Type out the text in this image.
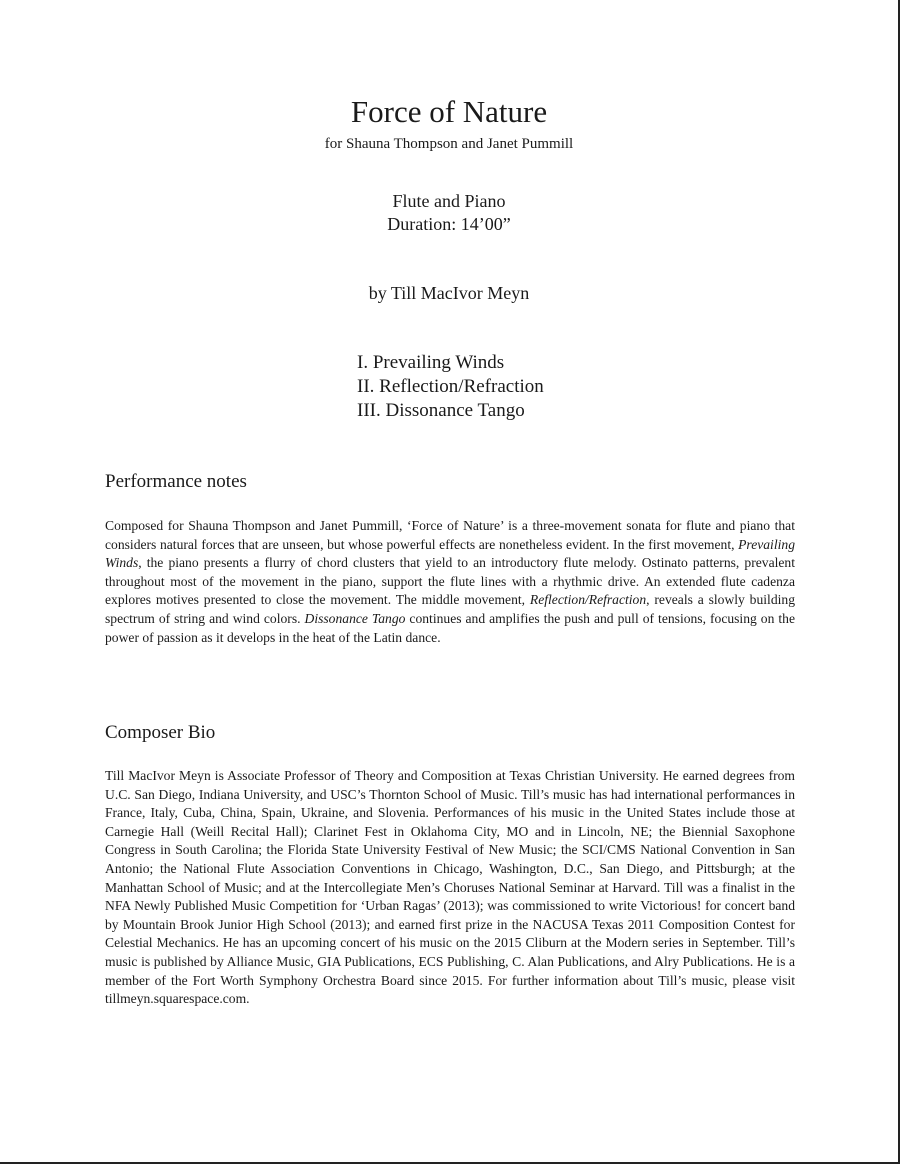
Force of Nature
for Shauna Thompson and Janet Pummill
Flute and Piano
Duration: 14’00”
by Till MacIvor Meyn
I. Prevailing Winds
II. Reflection/Refraction
III. Dissonance Tango
Performance notes

Composed for Shauna Thompson and Janet Pummill, ‘Force of Nature’ is a three-movement sonata for flute and piano that considers natural forces that are unseen, but whose powerful effects are nonetheless evident. In the first movement, Prevailing Winds, the piano presents a flurry of chord clusters that yield to an introductory flute melody. Ostinato patterns, prevalent throughout most of the movement in the piano, support the flute lines with a rhythmic drive. An extended flute cadenza explores motives presented to close the movement. The middle movement, Reflection/Refraction, reveals a slowly building spectrum of string and wind colors. Dissonance Tango continues and amplifies the push and pull of tensions, focusing on the power of passion as it develops in the heat of the Latin dance.

Composer Bio

Till MacIvor Meyn is Associate Professor of Theory and Composition at Texas Christian University. He earned degrees from U.C. San Diego, Indiana University, and USC’s Thornton School of Music. Till’s music has had international performances in France, Italy, Cuba, China, Spain, Ukraine, and Slovenia. Performances of his music in the United States include those at Carnegie Hall (Weill Recital Hall); Clarinet Fest in Oklahoma City, MO and in Lincoln, NE; the Biennial Saxophone Congress in South Carolina; the Florida State University Festival of New Music; the SCI/CMS National Convention in San Antonio; the National Flute Association Conventions in Chicago, Washington, D.C., San Diego, and Pittsburgh; at the Manhattan School of Music; and at the Intercollegiate Men’s Choruses National Seminar at Harvard. Till was a finalist in the NFA Newly Published Music Competition for ‘Urban Ragas’ (2013); was commissioned to write Victorious! for concert band by Mountain Brook Junior High School (2013); and earned first prize in the NACUSA Texas 2011 Composition Contest for Celestial Mechanics. He has an upcoming concert of his music on the 2015 Cliburn at the Modern series in September. Till’s music is published by Alliance Music, GIA Publications, ECS Publishing, C. Alan Publications, and Alry Publications. He is a member of the Fort Worth Symphony Orchestra Board since 2015. For further information about Till’s music, please visit tillmeyn.squarespace.com.
